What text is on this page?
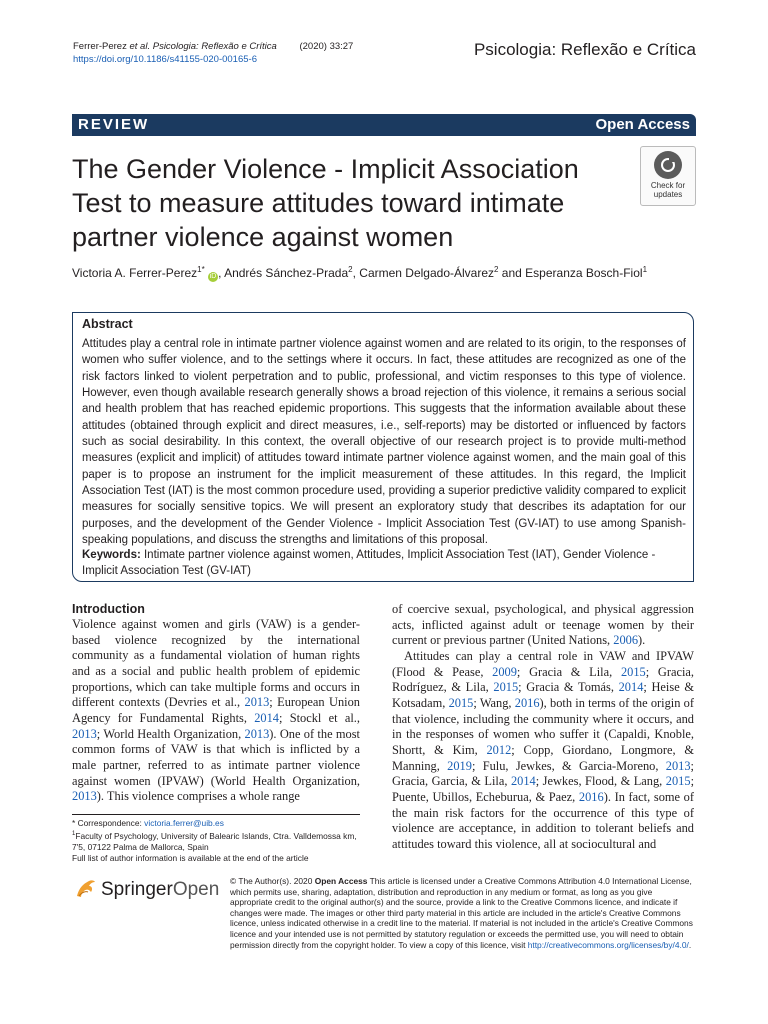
Ferrer-Perez et al. Psicologia: Reflexão e Crítica (2020) 33:27
https://doi.org/10.1186/s41155-020-00165-6
Psicologia: Reflexão e Crítica
REVIEW	Open Access
The Gender Violence - Implicit Association Test to measure attitudes toward intimate partner violence against women
Check for
updates
Victoria A. Ferrer-Perez$^{1*}$ iD , Andrés Sánchez-Prada$^2$, Carmen Delgado-Álvarez$^2$ and Esperanza Bosch-Fiol$^1$
Abstract
Attitudes play a central role in intimate partner violence against women and are related to its origin, to the responses of women who suffer violence, and to the settings where it occurs. In fact, these attitudes are recognized as one of the risk factors linked to violent perpetration and to public, professional, and victim responses to this type of violence. However, even though available research generally shows a broad rejection of this violence, it remains a serious social and health problem that has reached epidemic proportions. This suggests that the information available about these attitudes (obtained through explicit and direct measures, i.e., self-reports) may be distorted or influenced by factors such as social desirability. In this context, the overall objective of our research project is to provide multi-method measures (explicit and implicit) of attitudes toward intimate partner violence against women, and the main goal of this paper is to propose an instrument for the implicit measurement of these attitudes. In this regard, the Implicit Association Test (IAT) is the most common procedure used, providing a superior predictive validity compared to explicit measures for socially sensitive topics. We will present an exploratory study that describes its adaptation for our purposes, and the development of the Gender Violence - Implicit Association Test (GV-IAT) to use among Spanish-speaking populations, and discuss the strengths and limitations of this proposal.
Keywords: Intimate partner violence against women, Attitudes, Implicit Association Test (IAT), Gender Violence - Implicit Association Test (GV-IAT)
Introduction
Violence against women and girls (VAW) is a gender-based violence recognized by the international community as a fundamental violation of human rights and as a social and public health problem of epidemic proportions, which can take multiple forms and occurs in different contexts (Devries et al., 2013; European Union Agency for Fundamental Rights, 2014; Stockl et al., 2013; World Health Organization, 2013). One of the most common forms of VAW is that which is inflicted by a male partner, referred to as intimate partner violence against women (IPVAW) (World Health Organization, 2013). This violence comprises a whole range

of coercive sexual, psychological, and physical aggression acts, inflicted against adult or teenage women by their current or previous partner (United Nations, 2006).

Attitudes can play a central role in VAW and IPVAW (Flood & Pease, 2009; Gracia & Lila, 2015; Gracia, Rodríguez, & Lila, 2015; Gracia & Tomás, 2014; Heise & Kotsadam, 2015; Wang, 2016), both in terms of the origin of that violence, including the community where it occurs, and in the responses of women who suffer it (Capaldi, Knoble, Shortt, & Kim, 2012; Copp, Giordano, Longmore, & Manning, 2019; Fulu, Jewkes, & Garcia-Moreno, 2013; Gracia, Garcia, & Lila, 2014; Jewkes, Flood, & Lang, 2015; Puente, Ubillos, Echeburua, & Paez, 2016). In fact, some of the main risk factors for the occurrence of this type of violence are acceptance, in addition to tolerant beliefs and attitudes toward this violence, all at sociocultural and

* Correspondence: victoria.ferrer@uib.es
$^1$Faculty of Psychology, University of Balearic Islands, Ctra. Valldemossa km, 7'5, 07122 Palma de Mallorca, Spain
Full list of author information is available at the end of the article
SpringerOpen © The Author(s). 2020 Open Access This article is licensed under a Creative Commons Attribution 4.0 International License, which permits use, sharing, adaptation, distribution and reproduction in any medium or format, as long as you give appropriate credit to the original author(s) and the source, provide a link to the Creative Commons licence, and indicate if changes were made. The images or other third party material in this article are included in the article's Creative Commons licence, unless indicated otherwise in a credit line to the material. If material is not included in the article's Creative Commons licence and your intended use is not permitted by statutory regulation or exceeds the permitted use, you will need to obtain permission directly from the copyright holder. To view a copy of this licence, visit http://creativecommons.org/licenses/by/4.0/.
